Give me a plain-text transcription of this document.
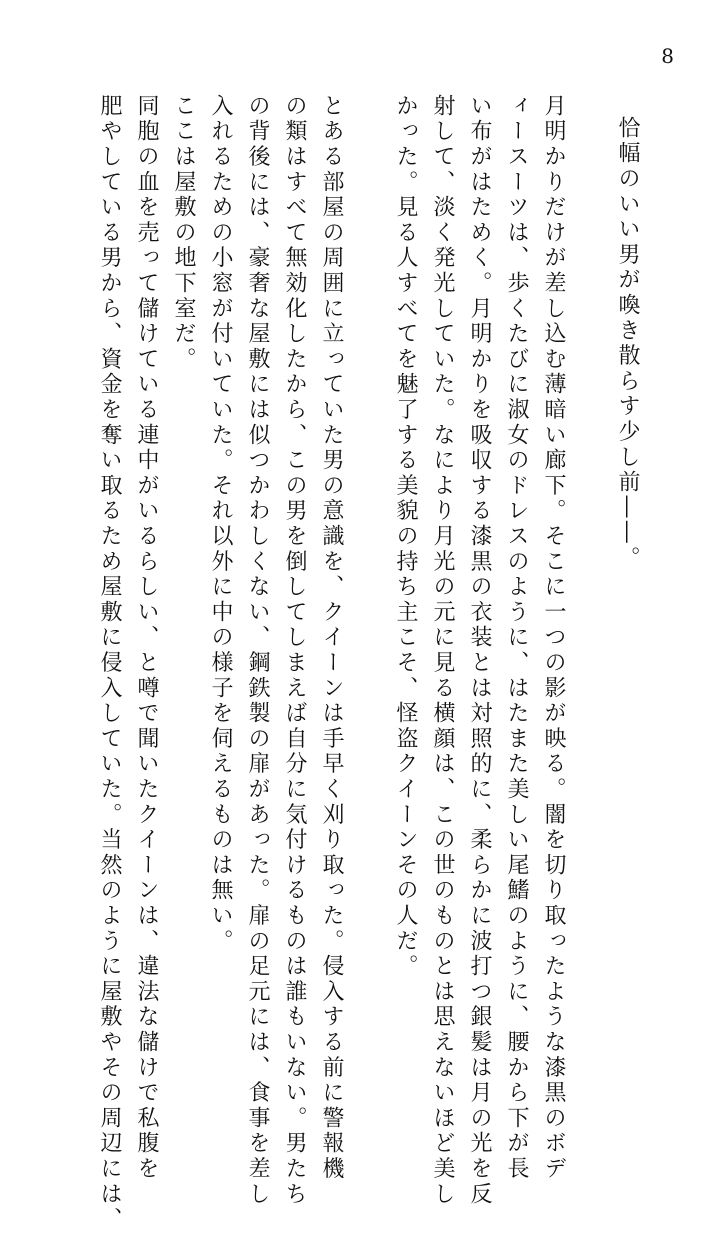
8
恰幅のいい男が喚き散らす少し前――。
月明かりだけが差し込む薄暗い廊下。そこに一つの影が映る。闇を切り取ったような漆黒のボデ
ィースーツは、歩くたびに淑女のドレスのように、はたまた美しい尾鰭のように、腰から下が長
い布がはためく。月明かりを吸収する漆黒の衣装とは対照的に、柔らかに波打つ銀髪は月の光を反
射して、淡く発光していた。なにより月光の元に見る横顔は、この世のものとは思えないほど美し
かった。見る人すべてを魅了する美貌の持ち主こそ、怪盗クイーンその人だ。
とある部屋の周囲に立っていた男の意識を、クイーンは手早く刈り取った。侵入する前に警報機
の類はすべて無効化したから、この男を倒してしまえば自分に気付けるものは誰もいない。男たち
の背後には、豪奢な屋敷には似つかわしくない、鋼鉄製の扉があった。扉の足元には、食事を差し
入れるための小窓が付いていた。それ以外に中の様子を伺えるものは無い。
ここは屋敷の地下室だ。
同胞の血を売って儲けている連中がいるらしい、と噂で聞いたクイーンは、違法な儲けで私腹を
肥やしている男から、資金を奪い取るため屋敷に侵入していた。当然のように屋敷やその周辺には、
